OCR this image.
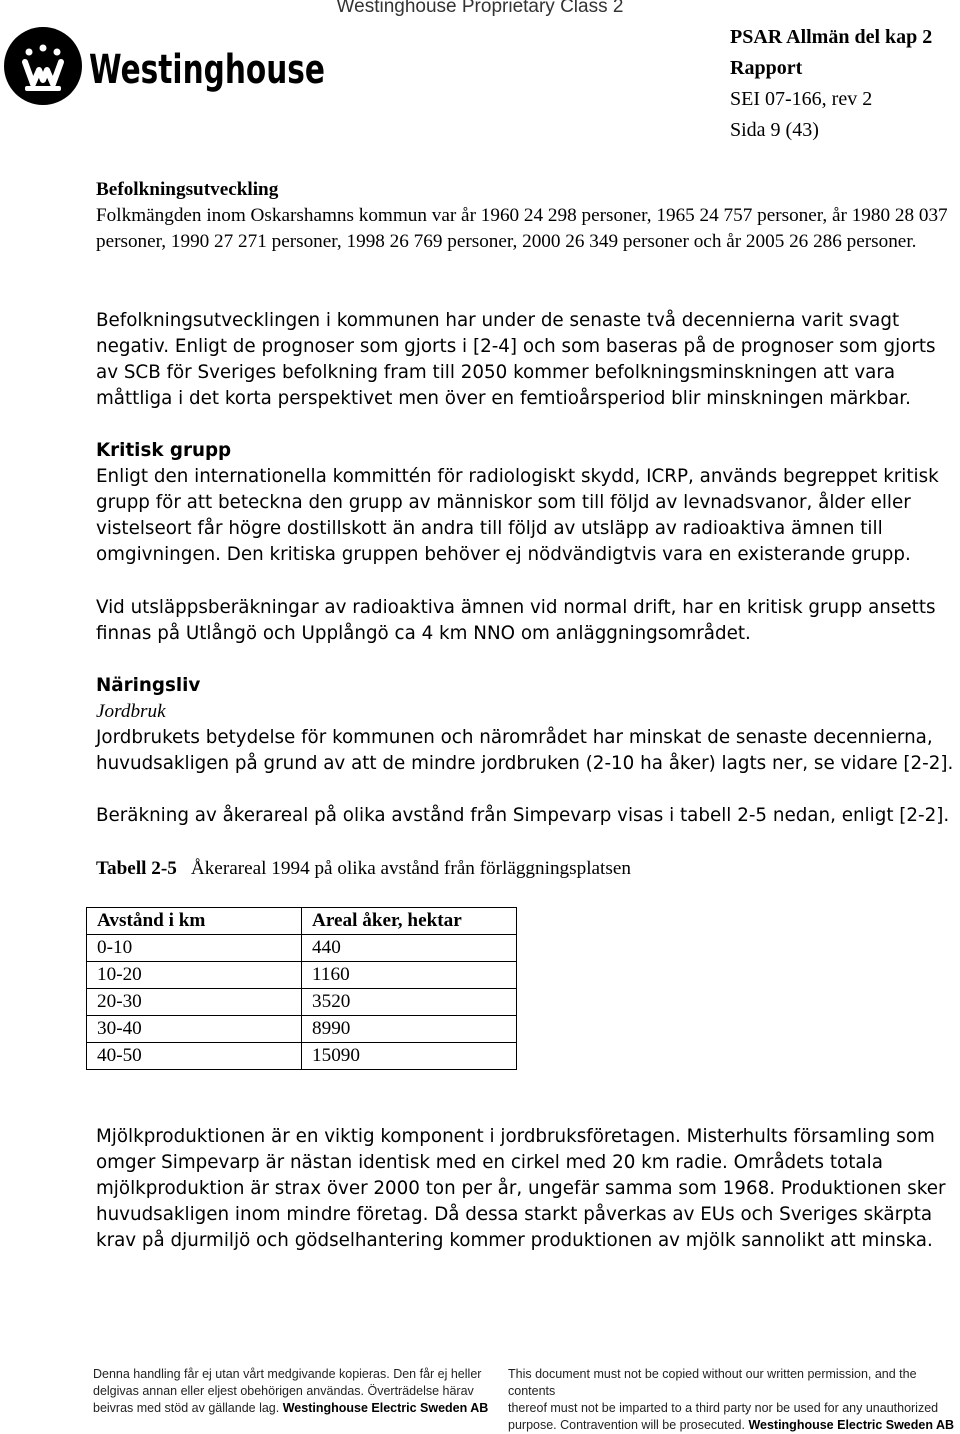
Westinghouse Proprietary Class 2
Westinghouse
PSAR Allmän del kap 2
Rapport
SEI 07-166, rev 2
Sida 9 (43)

Befolkningsutveckling

Folkmängden inom Oskarshamns kommun var år 1960 24 298 personer, 1965 24 757 personer, år 1980 28 037 personer, 1990 27 271 personer, 1998 26 769 personer, 2000 26 349 personer och år 2005 26 286 personer.

Befolkningsutvecklingen i kommunen har under de senaste två decennierna varit svagt negativ. Enligt de prognoser som gjorts i [2-4] och som baseras på de prognoser som gjorts av SCB för Sveriges befolkning fram till 2050 kommer befolkningsminskningen att vara måttliga i det korta perspektivet men över en femtioårsperiod blir minskningen märkbar.

Kritisk grupp

Enligt den internationella kommittén för radiologiskt skydd, ICRP, används begreppet kritisk grupp för att beteckna den grupp av människor som till följd av levnadsvanor, ålder eller vistelseort får högre dostillskott än andra till följd av utsläpp av radioaktiva ämnen till omgivningen. Den kritiska gruppen behöver ej nödvändigtvis vara en existerande grupp.

Vid utsläppsberäkningar av radioaktiva ämnen vid normal drift, har en kritisk grupp ansetts finnas på Utlångö och Upplångö ca 4 km NNO om anläggningsområdet.

Näringsliv

Jordbruk

Jordbrukets betydelse för kommunen och närområdet har minskat de senaste decennierna, huvudsakligen på grund av att de mindre jordbruken (2-10 ha åker) lagts ner, se vidare [2-2].

Beräkning av åkerareal på olika avstånd från Simpevarp visas i tabell 2-5 nedan, enligt [2-2].

Tabell 2-5 Åkerareal 1994 på olika avstånd från förläggningsplatsen

Avstånd i km	Areal åker, hektar
0-10	440
10-20	1160
20-30	3520
30-40	8990
40-50	15090

Mjölkproduktionen är en viktig komponent i jordbruksföretagen. Misterhults församling som omger Simpevarp är nästan identisk med en cirkel med 20 km radie. Områdets totala mjölkproduktion är strax över 2000 ton per år, ungefär samma som 1968. Produktionen sker huvudsakligen inom mindre företag. Då dessa starkt påverkas av EUs och Sveriges skärpta krav på djurmiljö och gödselhantering kommer produktionen av mjölk sannolikt att minska.

Denna handling får ej utan vårt medgivande kopieras. Den får ej heller
delgivas annan eller eljest obehörigen användas. Överträdelse härav
beivras med stöd av gällande lag. Westinghouse Electric Sweden AB
This document must not be copied without our written permission, and the contents
thereof must not be imparted to a third party nor be used for any unauthorized
purpose. Contravention will be prosecuted. Westinghouse Electric Sweden AB
